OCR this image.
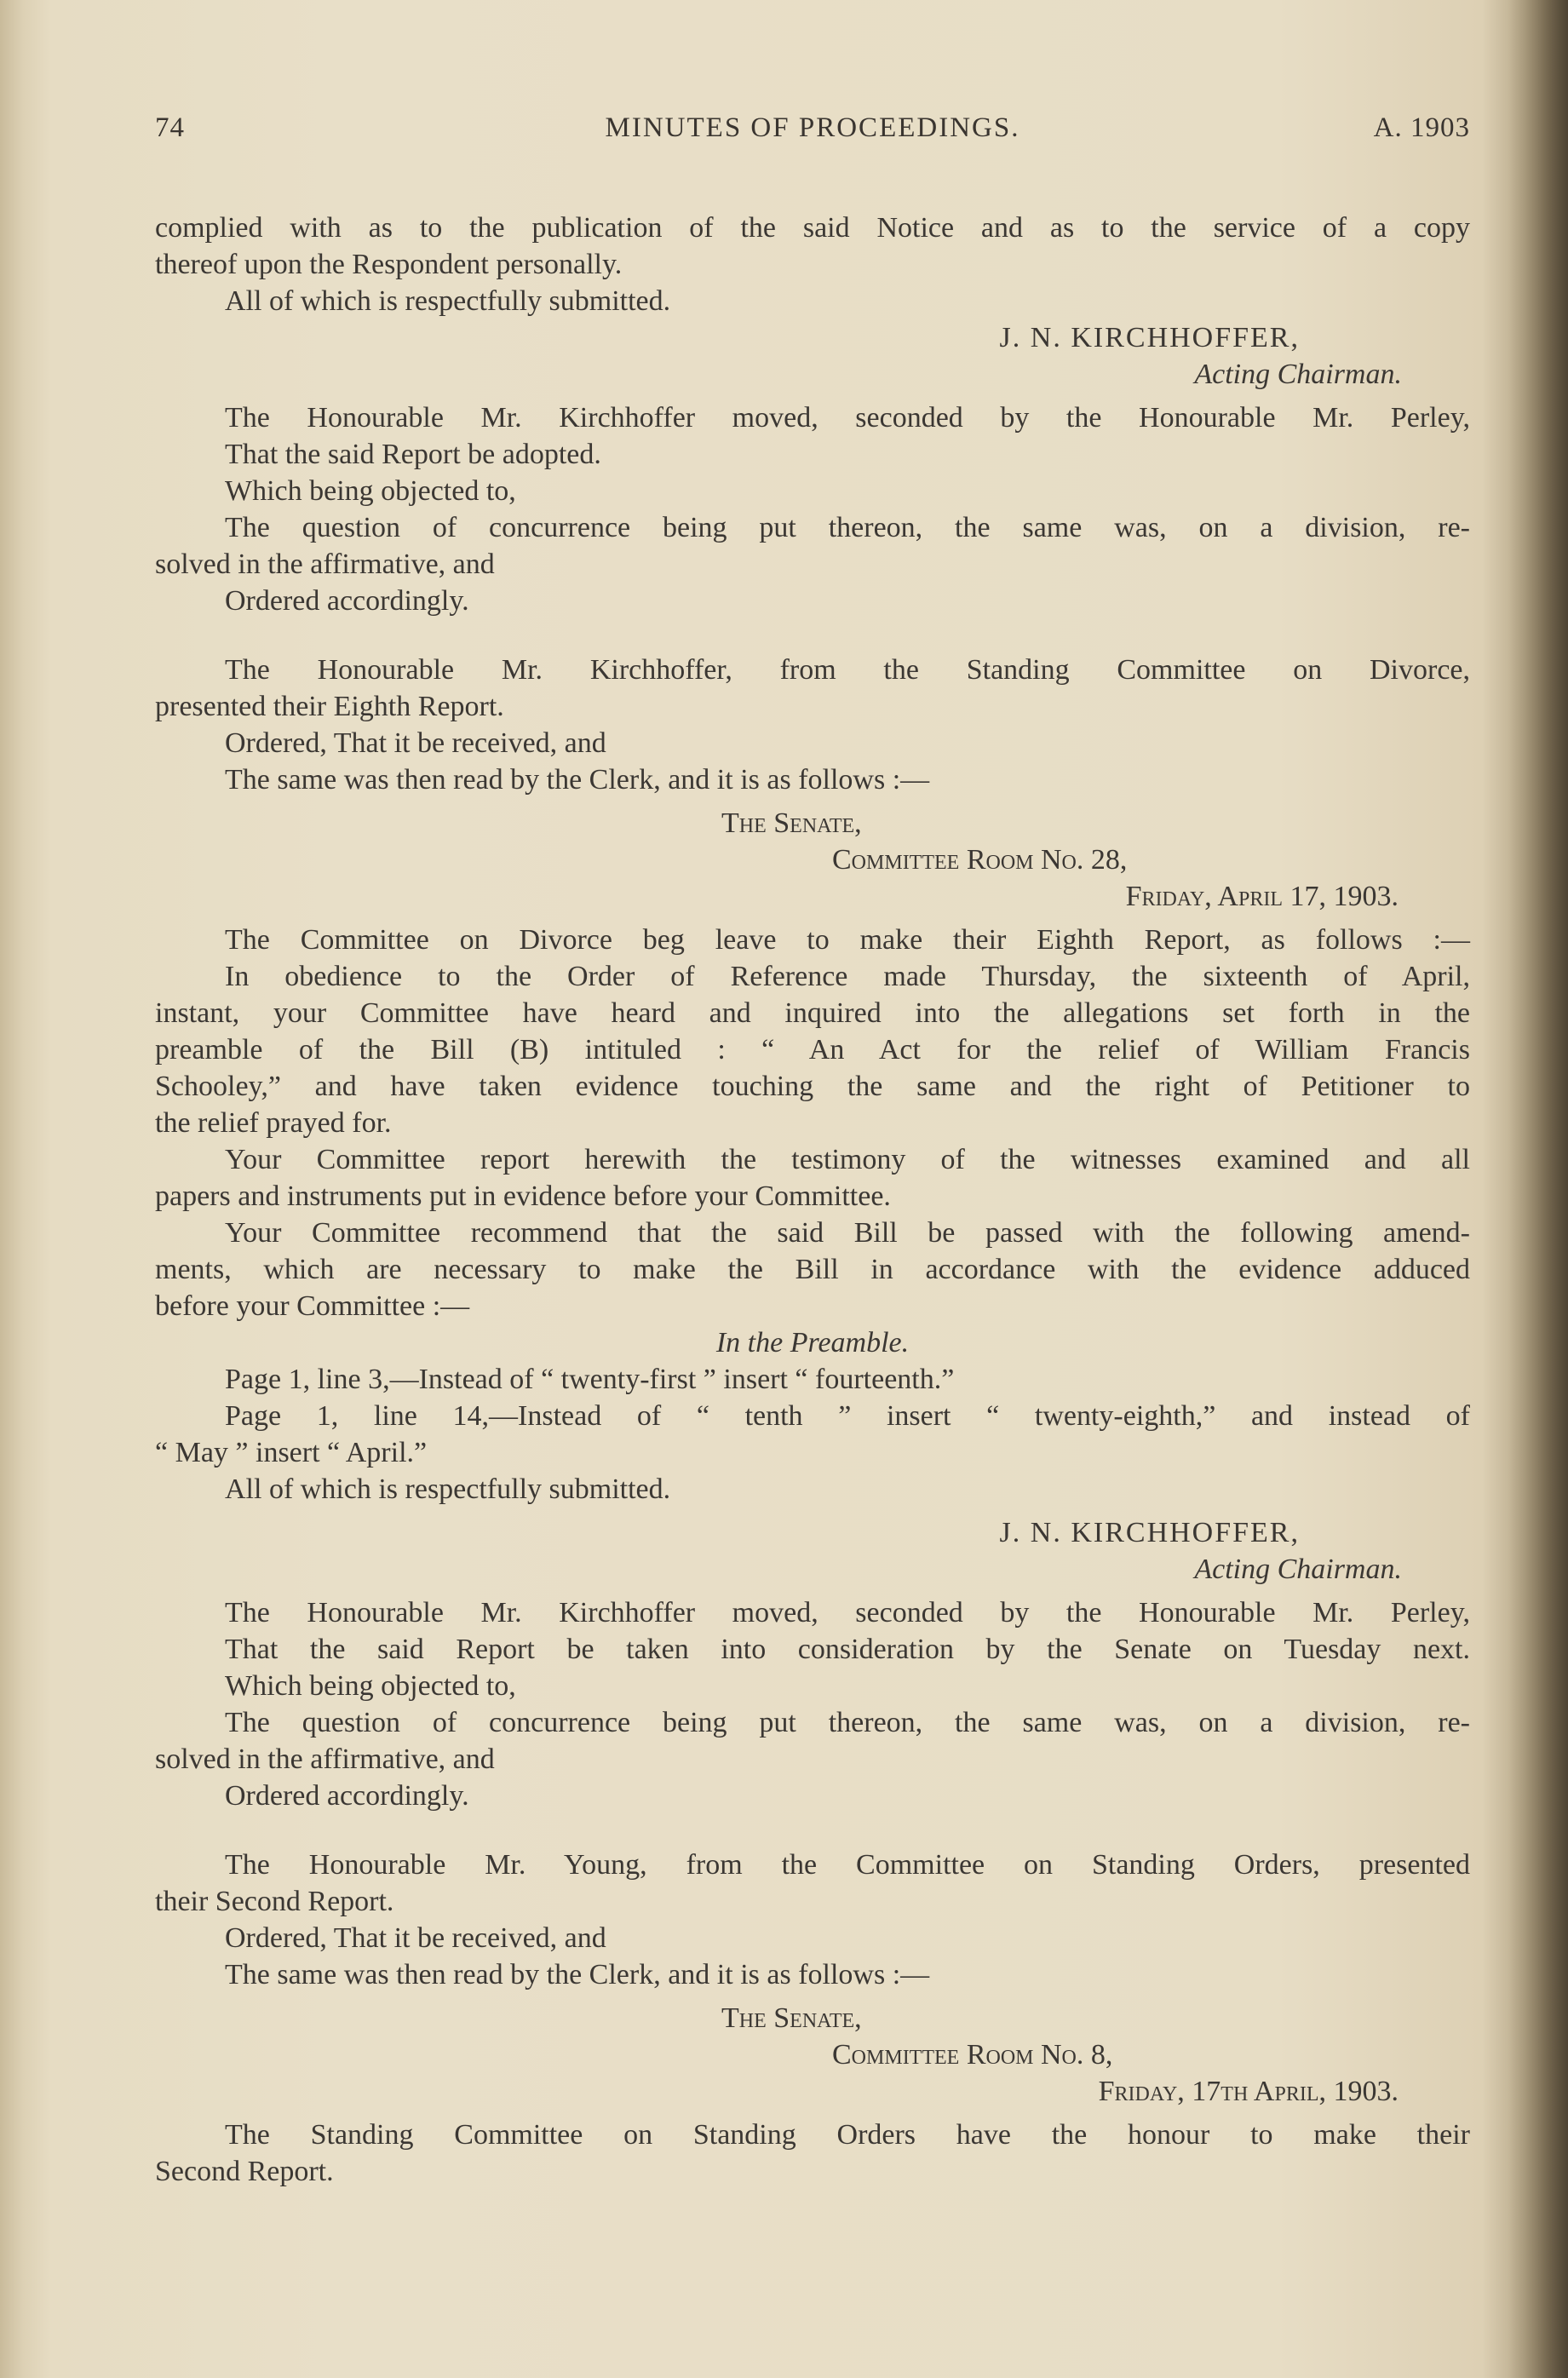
74	MINUTES OF PROCEEDINGS.	A. 1903

complied with as to the publication of the said Notice and as to the service of a copy

thereof upon the Respondent personally.

All of which is respectfully submitted.

J. N. KIRCHHOFFER,

Acting Chairman.

The Honourable Mr. Kirchhoffer moved, seconded by the Honourable Mr. Perley,

That the said Report be adopted.

Which being objected to,

The question of concurrence being put thereon, the same was, on a division, re-

solved in the affirmative, and

Ordered accordingly.

The Honourable Mr. Kirchhoffer, from the Standing Committee on Divorce,

presented their Eighth Report.

Ordered, That it be received, and

The same was then read by the Clerk, and it is as follows :—

The Senate,

Committee Room No. 28,

Friday, April 17, 1903.

The Committee on Divorce beg leave to make their Eighth Report, as follows :—

In obedience to the Order of Reference made Thursday, the sixteenth of April,

instant, your Committee have heard and inquired into the allegations set forth in the

preamble of the Bill (B) intituled : “ An Act for the relief of William Francis

Schooley,” and have taken evidence touching the same and the right of Petitioner to

the relief prayed for.

Your Committee report herewith the testimony of the witnesses examined and all

papers and instruments put in evidence before your Committee.

Your Committee recommend that the said Bill be passed with the following amend-

ments, which are necessary to make the Bill in accordance with the evidence adduced

before your Committee :—

In the Preamble.

Page 1, line 3,—Instead of “ twenty-first ” insert “ fourteenth.”

Page 1, line 14,—Instead of “ tenth ” insert “ twenty-eighth,” and instead of

“ May ” insert “ April.”

All of which is respectfully submitted.

J. N. KIRCHHOFFER,

Acting Chairman.

The Honourable Mr. Kirchhoffer moved, seconded by the Honourable Mr. Perley,

That the said Report be taken into consideration by the Senate on Tuesday next.

Which being objected to,

The question of concurrence being put thereon, the same was, on a division, re-

solved in the affirmative, and

Ordered accordingly.

The Honourable Mr. Young, from the Committee on Standing Orders, presented

their Second Report.

Ordered, That it be received, and

The same was then read by the Clerk, and it is as follows :—

The Senate,

Committee Room No. 8,

Friday, 17th April, 1903.

The Standing Committee on Standing Orders have the honour to make their

Second Report.
